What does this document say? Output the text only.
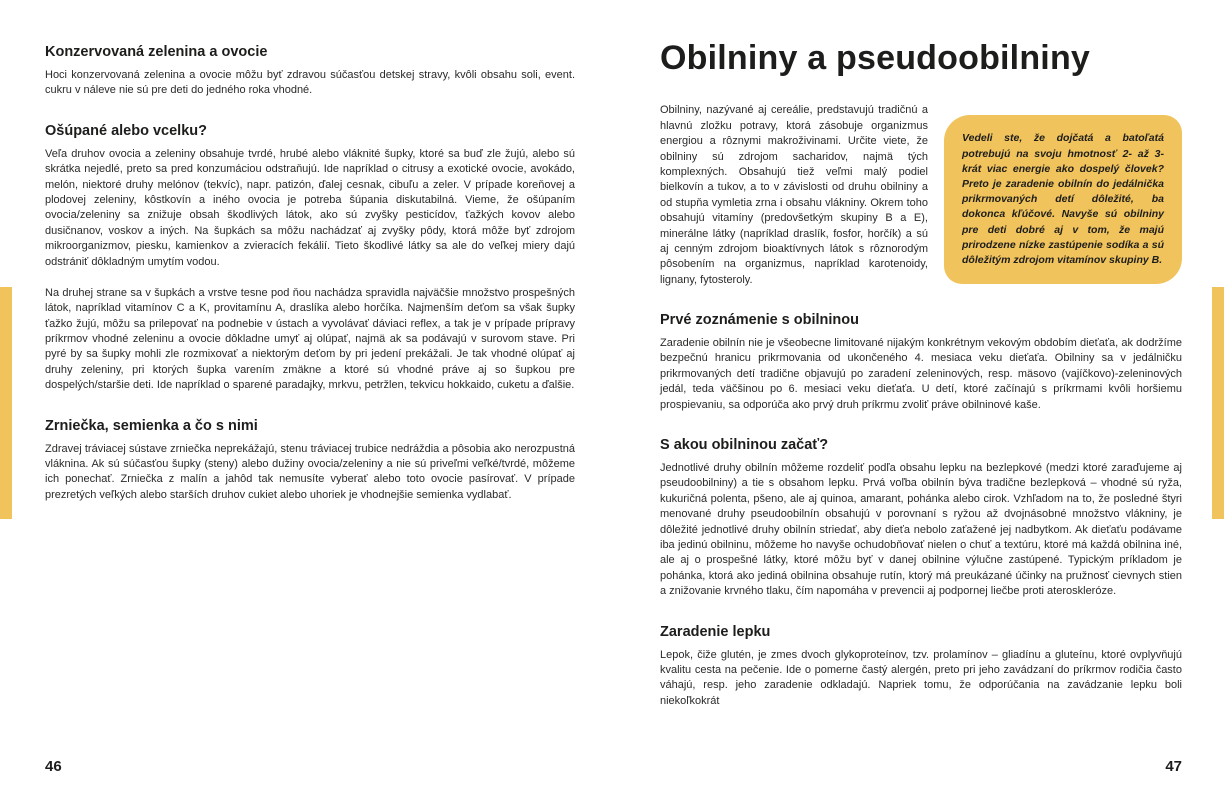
Konzervovaná zelenina a ovocie

Hoci konzervovaná zelenina a ovocie môžu byť zdravou súčasťou detskej stravy, kvôli obsahu soli, event. cukru v náleve nie sú pre deti do jedného roka vhodné.

Ošúpané alebo vcelku?

Veľa druhov ovocia a zeleniny obsahuje tvrdé, hrubé alebo vláknité šupky, ktoré sa buď zle žujú, alebo sú skrátka nejedlé, preto sa pred konzumáciou odstraňujú. Ide napríklad o citrusy a exotické ovocie, avokádo, melón, niektoré druhy melónov (tekvíc), napr. patizón, ďalej cesnak, cibuľu a zeler. V prípade koreňovej a plodovej zeleniny, kôstkovín a iného ovocia je potreba šúpania diskutabilná. Vieme, že ošúpaním ovocia/zeleniny sa znižuje obsah škodlivých látok, ako sú zvyšky pesticídov, ťažkých kovov alebo dusičnanov, voskov a iných. Na šupkách sa môžu nachádzať aj zvyšky pôdy, ktorá môže byť zdrojom mikroorganizmov, piesku, kamienkov a zvieracích fekálií. Tieto škodlivé látky sa ale do veľkej miery dajú odstrániť dôkladným umytím vodou.

Na druhej strane sa v šupkách a vrstve tesne pod ňou nachádza spravidla najväčšie množstvo prospešných látok, napríklad vitamínov C a K, provitamínu A, draslíka alebo horčíka. Najmenším deťom sa však šupky ťažko žujú, môžu sa prilepovať na podnebie v ústach a vyvolávať dáviaci reflex, a tak je v prípade prípravy príkrmov vhodné zeleninu a ovocie dôkladne umyť aj olúpať, najmä ak sa podávajú v surovom stave. Pri pyré by sa šupky mohli zle rozmixovať a niektorým deťom by pri jedení prekážali. Je tak vhodné olúpať aj druhy zeleniny, pri ktorých šupka varením zmäkne a ktoré sú vhodné práve aj so šupkou pre dospelých/staršie deti. Ide napríklad o sparené paradajky, mrkvu, petržlen, tekvicu hokkaido, cuketu a ďalšie.

Zrniečka, semienka a čo s nimi

Zdravej tráviacej sústave zrniečka neprekážajú, stenu tráviacej trubice nedráždia a pôsobia ako nerozpustná vláknina. Ak sú súčasťou šupky (steny) alebo dužiny ovocia/zeleniny a nie sú priveľmi veľké/tvrdé, môžeme ich ponechať. Zrniečka z malín a jahôd tak nemusíte vyberať alebo toto ovocie pasírovať. V prípade prezretých veľkých alebo starších druhov cukiet alebo uhoriek je vhodnejšie semienka vydlabať.

Obilniny a pseudoobilniny

Obilniny, nazývané aj cereálie, predstavujú tradičnú a hlavnú zložku potravy, ktorá zásobuje organizmus energiou a rôznymi makroživinami. Určite viete, že obilniny sú zdrojom sacharidov, najmä tých komplexných. Obsahujú tiež veľmi malý podiel bielkovín a tukov, a to v závislosti od druhu obilniny a od stupňa vymletia zrna i obsahu vlákniny. Okrem toho obsahujú vitamíny (predovšetkým skupiny B a E), minerálne látky (napríklad draslík, fosfor, horčík) a sú aj cenným zdrojom bioaktívnych látok s rôznorodým pôsobením na organizmus, napríklad karotenoidy, lignany, fytosteroly.

Vedeli ste, že dojčatá a batoľatá potrebujú na svoju hmotnosť 2- až 3-krát viac energie ako dospelý človek? Preto je zaradenie obilnín do jedálnička prikrmovaných detí dôležité, ba dokonca kľúčové. Navyše sú obilniny pre deti dobré aj v tom, že majú prirodzene nízke zastúpenie sodíka a sú dôležitým zdrojom vitamínov skupiny B.

Prvé zoznámenie s obilninou

Zaradenie obilnín nie je všeobecne limitované nijakým konkrétnym vekovým obdobím dieťaťa, ak dodržíme bezpečnú hranicu prikrmovania od ukončeného 4. mesiaca veku dieťaťa. Obilniny sa v jedálničku prikrmovaných detí tradične objavujú po zaradení zeleninových, resp. mäsovo (vajíčkovo)-zeleninových jedál, teda väčšinou po 6. mesiaci veku dieťaťa. U detí, ktoré začínajú s príkrmami kvôli horšiemu prospievaniu, sa odporúča ako prvý druh príkrmu zvoliť práve obilninové kaše.

S akou obilninou začať?

Jednotlivé druhy obilnín môžeme rozdeliť podľa obsahu lepku na bezlepkové (medzi ktoré zaraďujeme aj pseudoobilniny) a tie s obsahom lepku. Prvá voľba obilnín býva tradične bezlepková – vhodné sú ryža, kukuričná polenta, pšeno, ale aj quinoa, amarant, pohánka alebo cirok. Vzhľadom na to, že posledné štyri menované druhy pseudoobilnín obsahujú v porovnaní s ryžou až dvojnásobné množstvo vlákniny, je dôležité jednotlivé druhy obilnín striedať, aby dieťa nebolo zaťažené jej nadbytkom. Ak dieťaťu podávame iba jedinú obilninu, môžeme ho navyše ochudobňovať nielen o chuť a textúru, ktoré má každá obilnina iné, ale aj o prospešné látky, ktoré môžu byť v danej obilnine výlučne zastúpené. Typickým príkladom je pohánka, ktorá ako jediná obilnina obsahuje rutín, ktorý má preukázané účinky na pružnosť cievnych stien a znižovanie krvného tlaku, čím napomáha v prevencii aj podpornej liečbe proti ateroskleróze.

Zaradenie lepku

Lepok, čiže glutén, je zmes dvoch glykoproteínov, tzv. prolamínov – gliadínu a gluteínu, ktoré ovplyvňujú kvalitu cesta na pečenie. Ide o pomerne častý alergén, preto pri jeho zavádzaní do príkrmov rodičia často váhajú, resp. jeho zaradenie odkladajú. Napriek tomu, že odporúčania na zavádzanie lepku boli niekoľkokrát

46	47
